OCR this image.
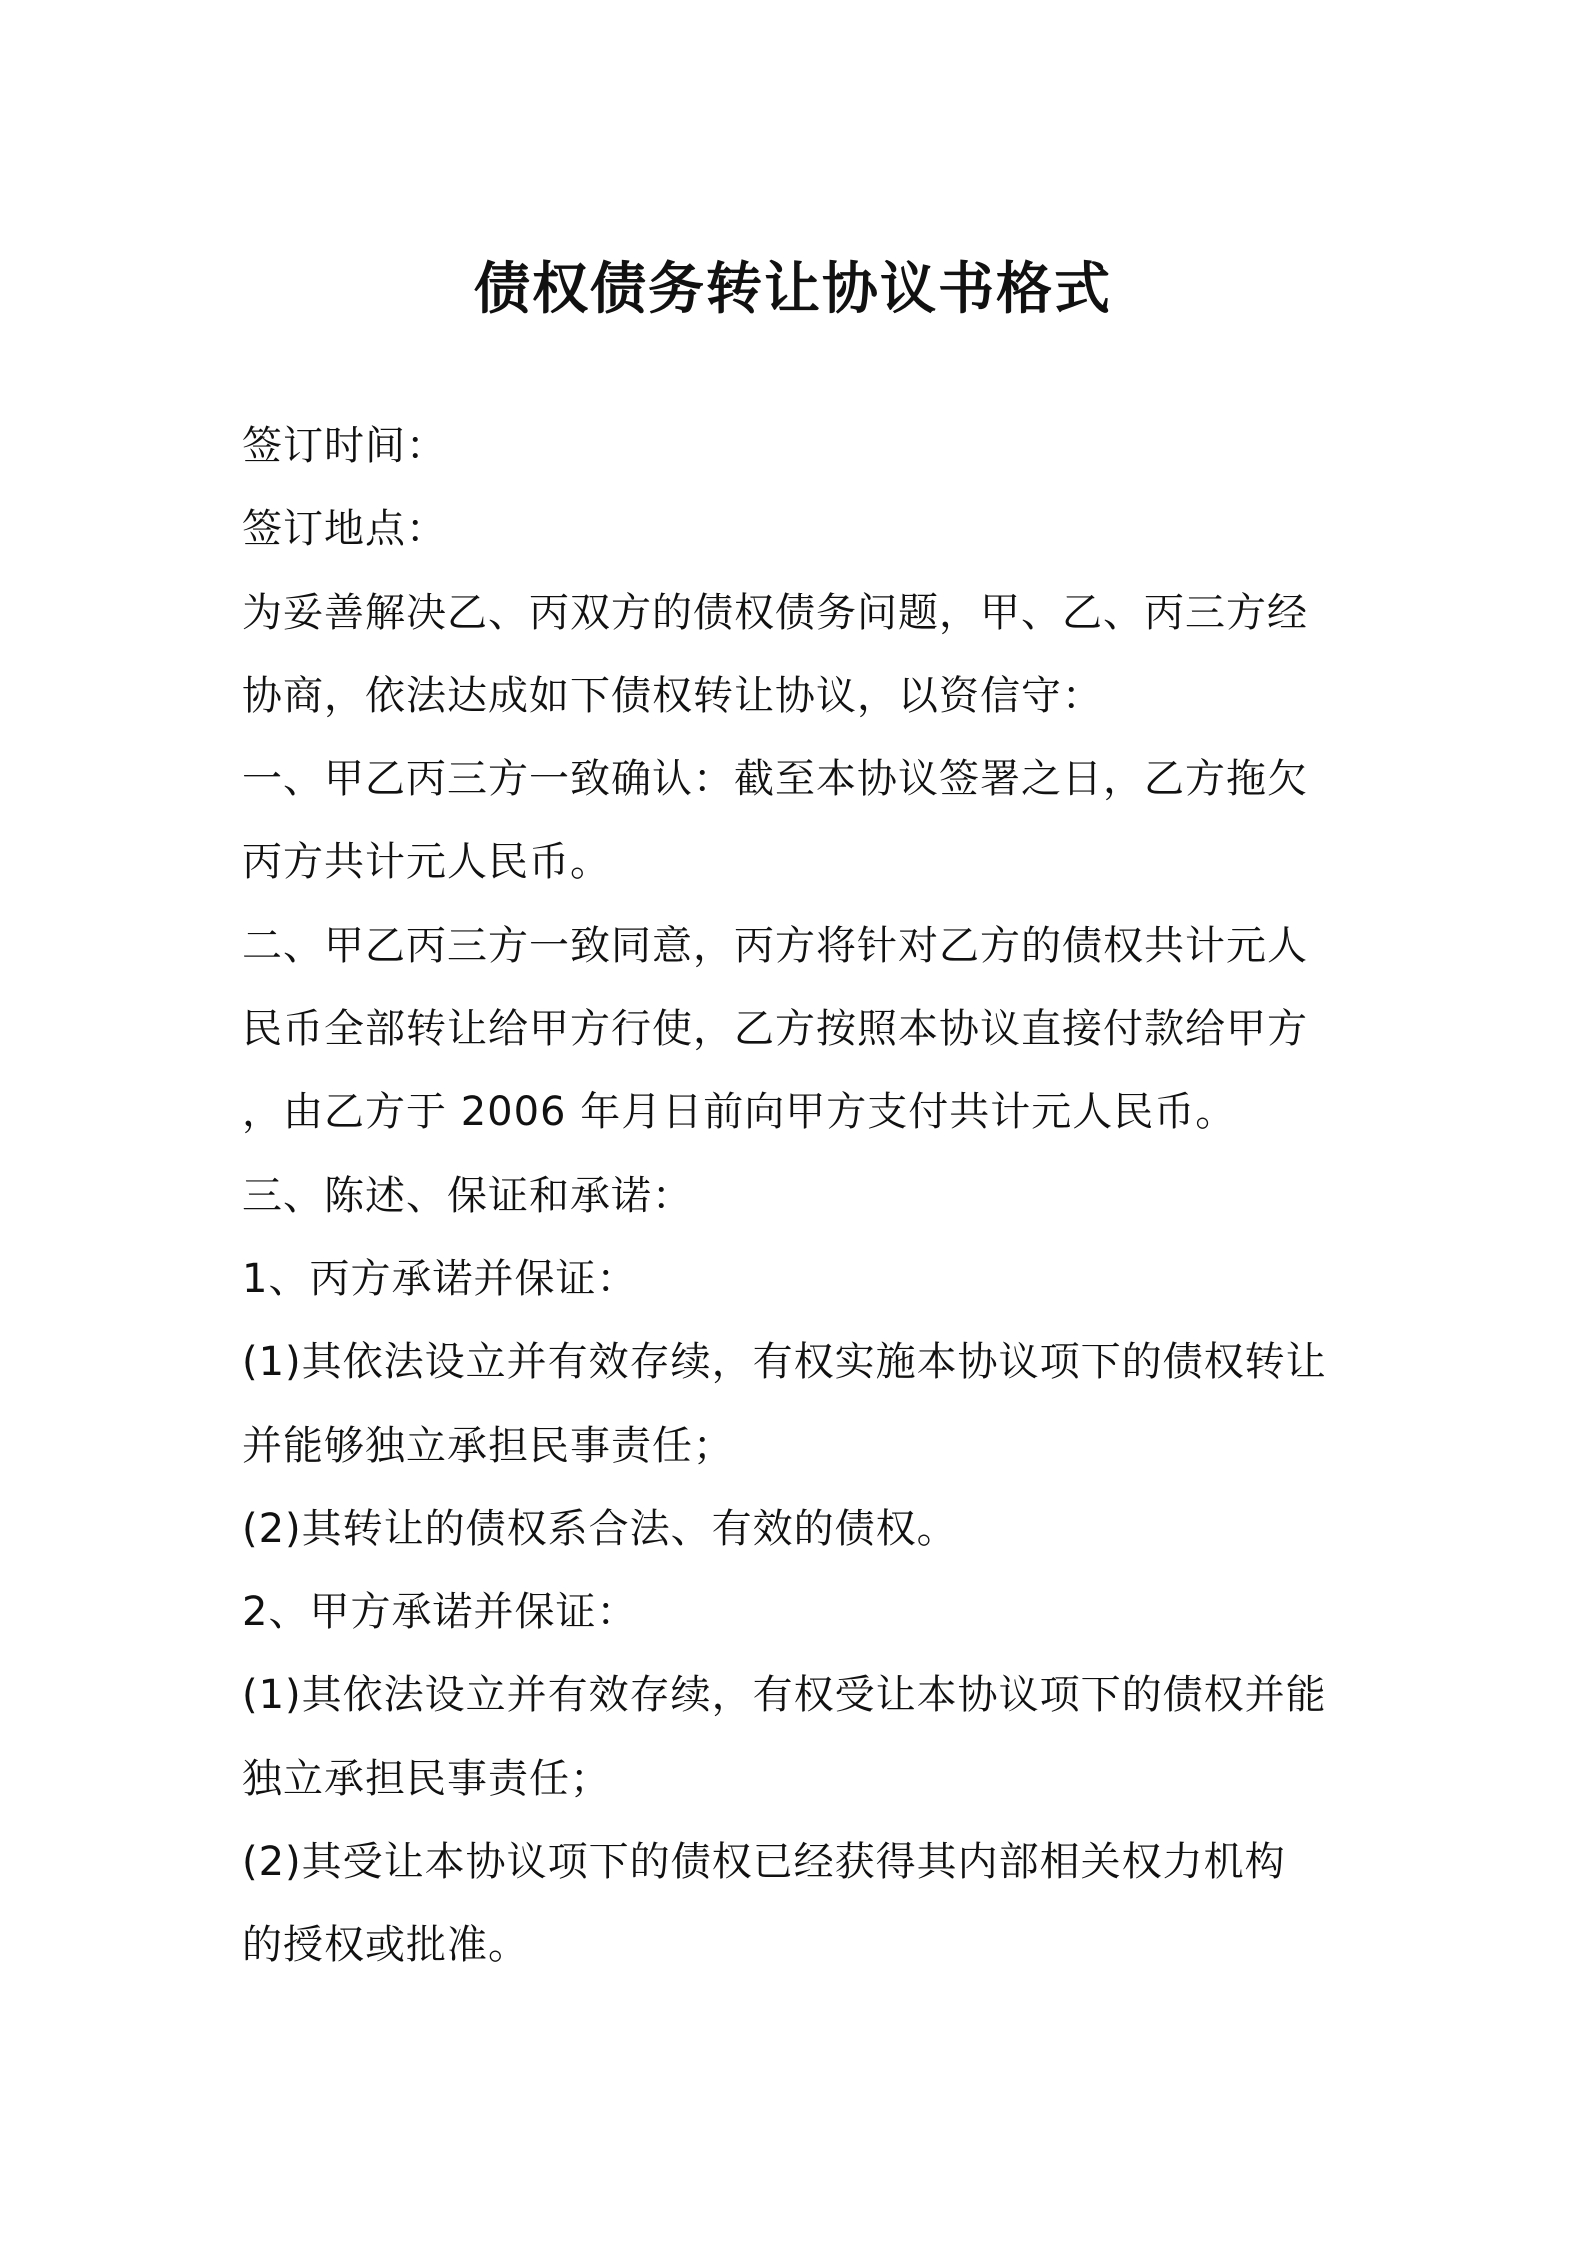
债权债务转让协议书格式

签订时间：

签订地点：

为妥善解决乙、丙双方的债权债务问题，甲、乙、丙三方经

协商，依法达成如下债权转让协议，以资信守：

一、甲乙丙三方一致确认：截至本协议签署之日，乙方拖欠

丙方共计元人民币。

二、甲乙丙三方一致同意，丙方将针对乙方的债权共计元人

民币全部转让给甲方行使，乙方按照本协议直接付款给甲方

，由乙方于 2006 年月日前向甲方支付共计元人民币。

三、陈述、保证和承诺：

1、丙方承诺并保证：

(1)其依法设立并有效存续，有权实施本协议项下的债权转让

并能够独立承担民事责任；

(2)其转让的债权系合法、有效的债权。

2、甲方承诺并保证：

(1)其依法设立并有效存续，有权受让本协议项下的债权并能

独立承担民事责任；

(2)其受让本协议项下的债权已经获得其内部相关权力机构

的授权或批准。
